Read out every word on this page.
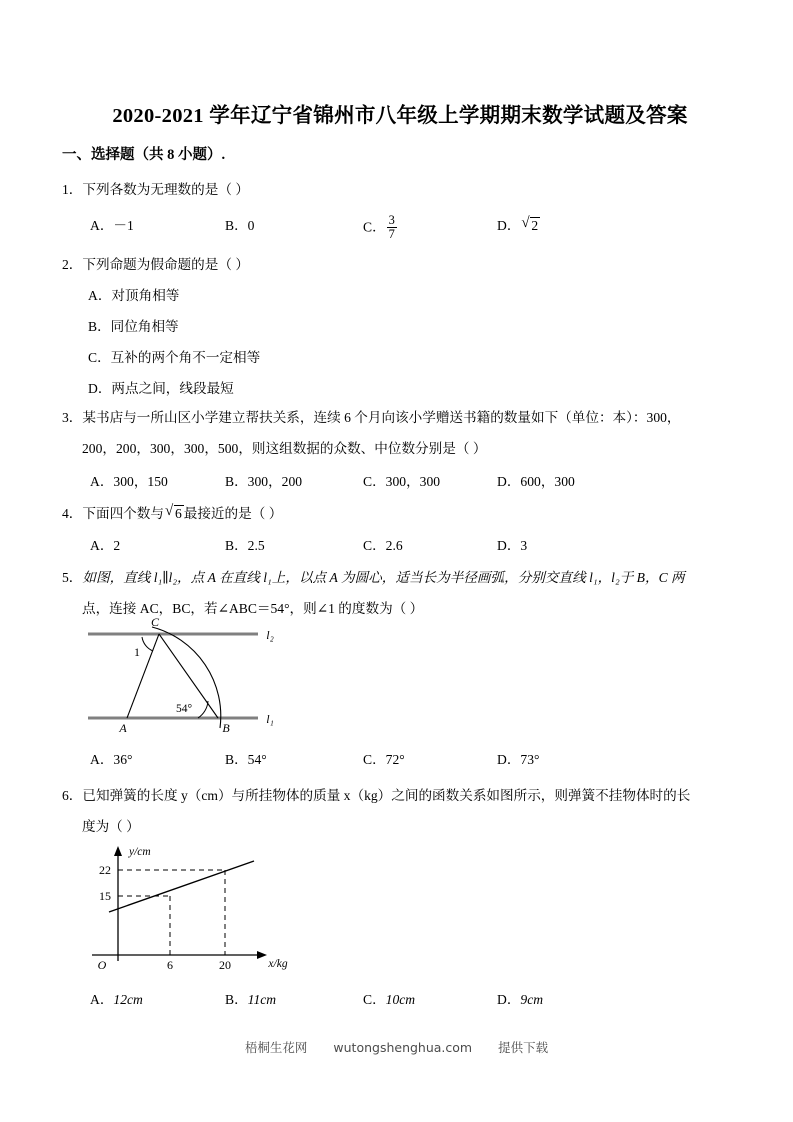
2020-2021 学年辽宁省锦州市八年级上学期期末数学试题及答案
一、选择题（共 8 小题）.
1．下列各数为无理数的是（ ）
A．－1	B．0	C． $\frac{3}{7}$	D． √ 2
2．下列命题为假命题的是（ ）
A．对顶角相等
B．同位角相等
C．互补的两个角不一定相等
D．两点之间，线段最短
3．某书店与一所山区小学建立帮扶关系，连续 6 个月向该小学赠送书籍的数量如下（单位：本）：300，
200，200，300，300，500，则这组数据的众数、中位数分别是（ ）
A．300，150	B．300，200	C．300，300	D．600，300
4．下面四个数与 √ 6 最接近的是（ ）
A．2	B．2.5	C．2.6	D．3
5．如图，直线 l₁∥l₂，点 A 在直线 l₁上，以点 A 为圆心，适当长为半径画弧，分别交直线 l₁，l₂于 B，C 两
点，连接 AC，BC，若∠ABC＝54°，则∠1 的度数为（ ）
C
A	B
1
54°
l₂
l₁
A．36°	B．54°	C．72°	D．73°
6．已知弹簧的长度 y（cm）与所挂物体的质量 x（kg）之间的函数关系如图所示，则弹簧不挂物体时的长
度为（ ）
y/cm
x/kg
O
22
15
6	20
A．12cm	B．11cm	C．10cm	D．9cm
梧桐生花网 wutongshenghua.com 提供下载
